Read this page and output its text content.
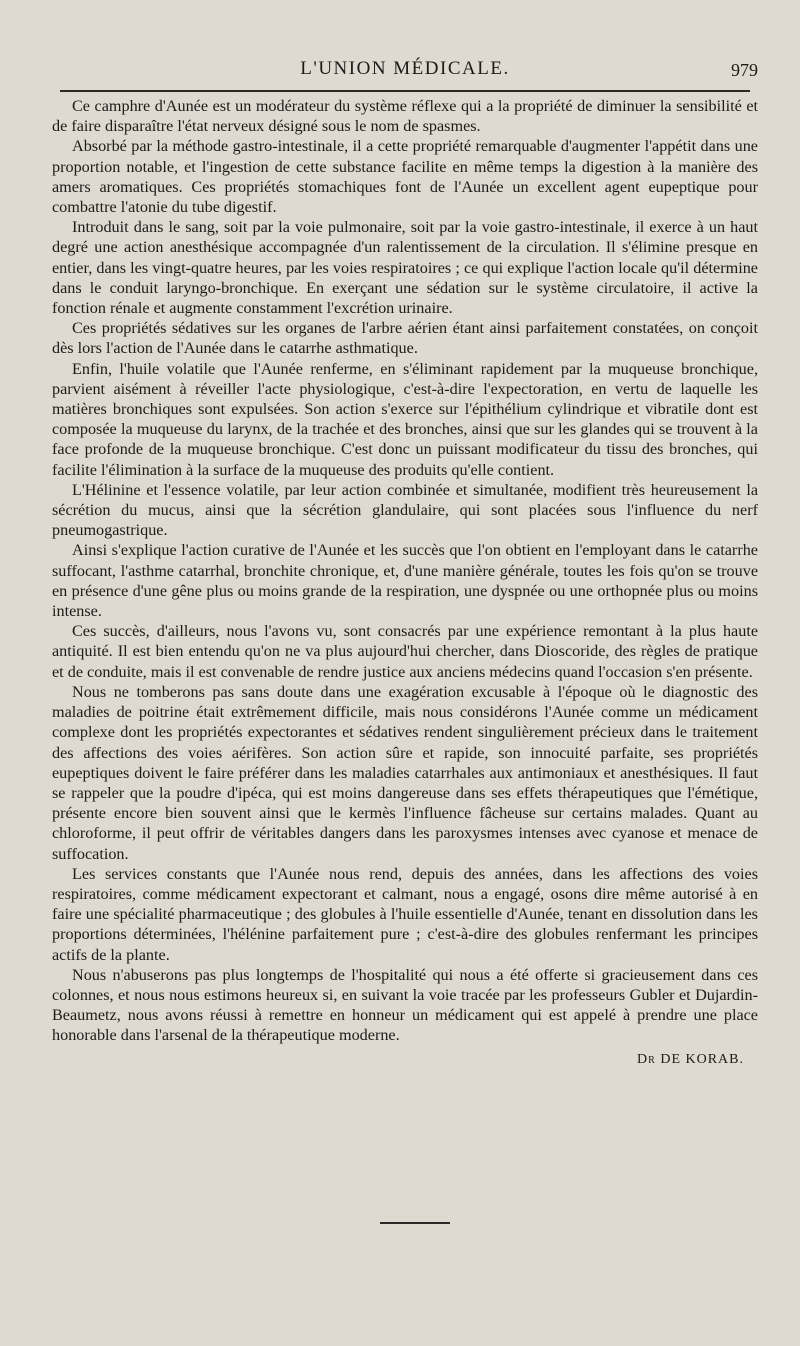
L'UNION MÉDICALE.	979

Ce camphre d'Aunée est un modérateur du système réflexe qui a la propriété de diminuer la sensibilité et de faire disparaître l'état nerveux désigné sous le nom de spasmes.

Absorbé par la méthode gastro-intestinale, il a cette propriété remarquable d'augmenter l'appétit dans une proportion notable, et l'ingestion de cette substance facilite en même temps la digestion à la manière des amers aromatiques. Ces propriétés stomachiques font de l'Aunée un excellent agent eupeptique pour combattre l'atonie du tube digestif.

Introduit dans le sang, soit par la voie pulmonaire, soit par la voie gastro-intestinale, il exerce à un haut degré une action anesthésique accompagnée d'un ralentissement de la circulation. Il s'élimine presque en entier, dans les vingt-quatre heures, par les voies respiratoires ; ce qui explique l'action locale qu'il détermine dans le conduit laryngo-bronchique. En exerçant une sédation sur le système circulatoire, il active la fonction rénale et augmente constamment l'excrétion urinaire.

Ces propriétés sédatives sur les organes de l'arbre aérien étant ainsi parfaitement constatées, on conçoit dès lors l'action de l'Aunée dans le catarrhe asthmatique.

Enfin, l'huile volatile que l'Aunée renferme, en s'éliminant rapidement par la muqueuse bronchique, parvient aisément à réveiller l'acte physiologique, c'est-à-dire l'expectoration, en vertu de laquelle les matières bronchiques sont expulsées. Son action s'exerce sur l'épithélium cylindrique et vibratile dont est composée la muqueuse du larynx, de la trachée et des bronches, ainsi que sur les glandes qui se trouvent à la face profonde de la muqueuse bronchique. C'est donc un puissant modificateur du tissu des bronches, qui facilite l'élimination à la surface de la muqueuse des produits qu'elle contient.

L'Hélinine et l'essence volatile, par leur action combinée et simultanée, modifient très heureusement la sécrétion du mucus, ainsi que la sécrétion glandulaire, qui sont placées sous l'influence du nerf pneumogastrique.

Ainsi s'explique l'action curative de l'Aunée et les succès que l'on obtient en l'employant dans le catarrhe suffocant, l'asthme catarrhal, bronchite chronique, et, d'une manière générale, toutes les fois qu'on se trouve en présence d'une gêne plus ou moins grande de la respiration, une dyspnée ou une orthopnée plus ou moins intense.

Ces succès, d'ailleurs, nous l'avons vu, sont consacrés par une expérience remontant à la plus haute antiquité. Il est bien entendu qu'on ne va plus aujourd'hui chercher, dans Dioscoride, des règles de pratique et de conduite, mais il est convenable de rendre justice aux anciens médecins quand l'occasion s'en présente.

Nous ne tomberons pas sans doute dans une exagération excusable à l'époque où le diagnostic des maladies de poitrine était extrêmement difficile, mais nous considérons l'Aunée comme un médicament complexe dont les propriétés expectorantes et sédatives rendent singulièrement précieux dans le traitement des affections des voies aérifères. Son action sûre et rapide, son innocuité parfaite, ses propriétés eupeptiques doivent le faire préférer dans les maladies catarrhales aux antimoniaux et anesthésiques. Il faut se rappeler que la poudre d'ipéca, qui est moins dangereuse dans ses effets thérapeutiques que l'émétique, présente encore bien souvent ainsi que le kermès l'influence fâcheuse sur certains malades. Quant au chloroforme, il peut offrir de véritables dangers dans les paroxysmes intenses avec cyanose et menace de suffocation.

Les services constants que l'Aunée nous rend, depuis des années, dans les affections des voies respiratoires, comme médicament expectorant et calmant, nous a engagé, osons dire même autorisé à en faire une spécialité pharmaceutique ; des globules à l'huile essentielle d'Aunée, tenant en dissolution dans les proportions déterminées, l'hélénine parfaitement pure ; c'est-à-dire des globules renfermant les principes actifs de la plante.

Nous n'abuserons pas plus longtemps de l'hospitalité qui nous a été offerte si gracieusement dans ces colonnes, et nous nous estimons heureux si, en suivant la voie tracée par les professeurs Gubler et Dujardin-Beaumetz, nous avons réussi à remettre en honneur un médicament qui est appelé à prendre une place honorable dans l'arsenal de la thérapeutique moderne.

Dr DE KORAB.
